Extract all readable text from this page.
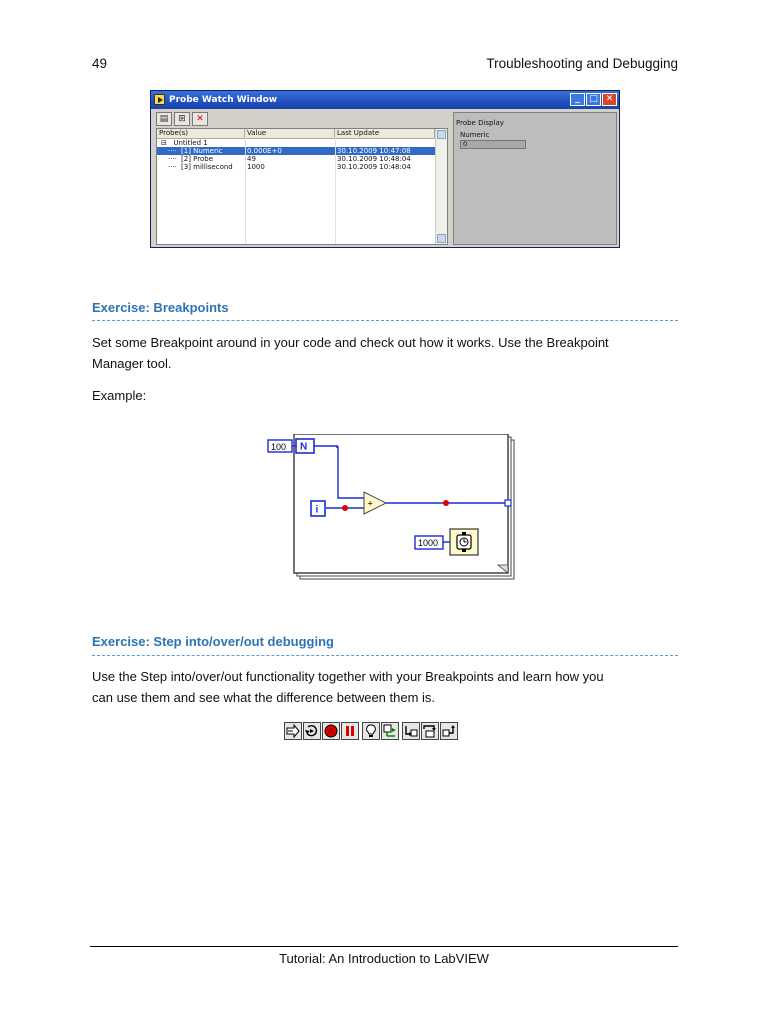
49	Troubleshooting and Debugging
Probe Watch Window	_	□ ✕
▤	⊞	✕
Probe(s)	Value	Last Update
⊟ Untitled 1
···· [1] Numeric	0.000E+0	30.10.2009 10:47:08
···· [2] Probe	49	30.10.2009 10:48:04
···· [3] millisecond	1000	30.10.2009 10:48:04
Probe Display
Numeric
0
Exercise: Breakpoints
Set some Breakpoint around in your code and check out how it works. Use the Breakpoint
Manager tool.
Example:
100 N
i
+
1000
Exercise: Step into/over/out debugging
Use the Step into/over/out functionality together with your Breakpoints and learn how you
can use them and see what the difference between them is.
Tutorial: An Introduction to LabVIEW
